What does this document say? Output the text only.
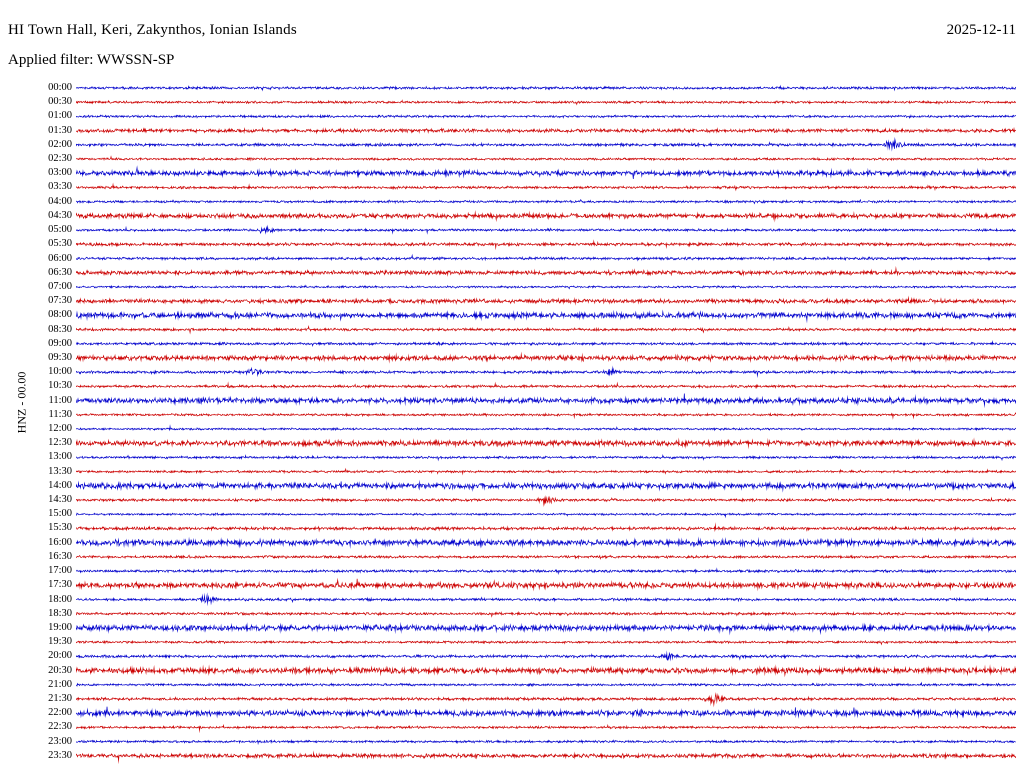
HI Town Hall, Keri, Zakynthos, Ionian Islands	2025-12-11
Applied filter: WWSSN-SP
HNZ - 00.00
00:00
00:30
01:00
01:30
02:00
02:30
03:00
03:30
04:00
04:30
05:00
05:30
06:00
06:30
07:00
07:30
08:00
08:30
09:00
09:30
10:00
10:30
11:00
11:30
12:00
12:30
13:00
13:30
14:00
14:30
15:00
15:30
16:00
16:30
17:00
17:30
18:00
18:30
19:00
19:30
20:00
20:30
21:00
21:30
22:00
22:30
23:00
23:30
